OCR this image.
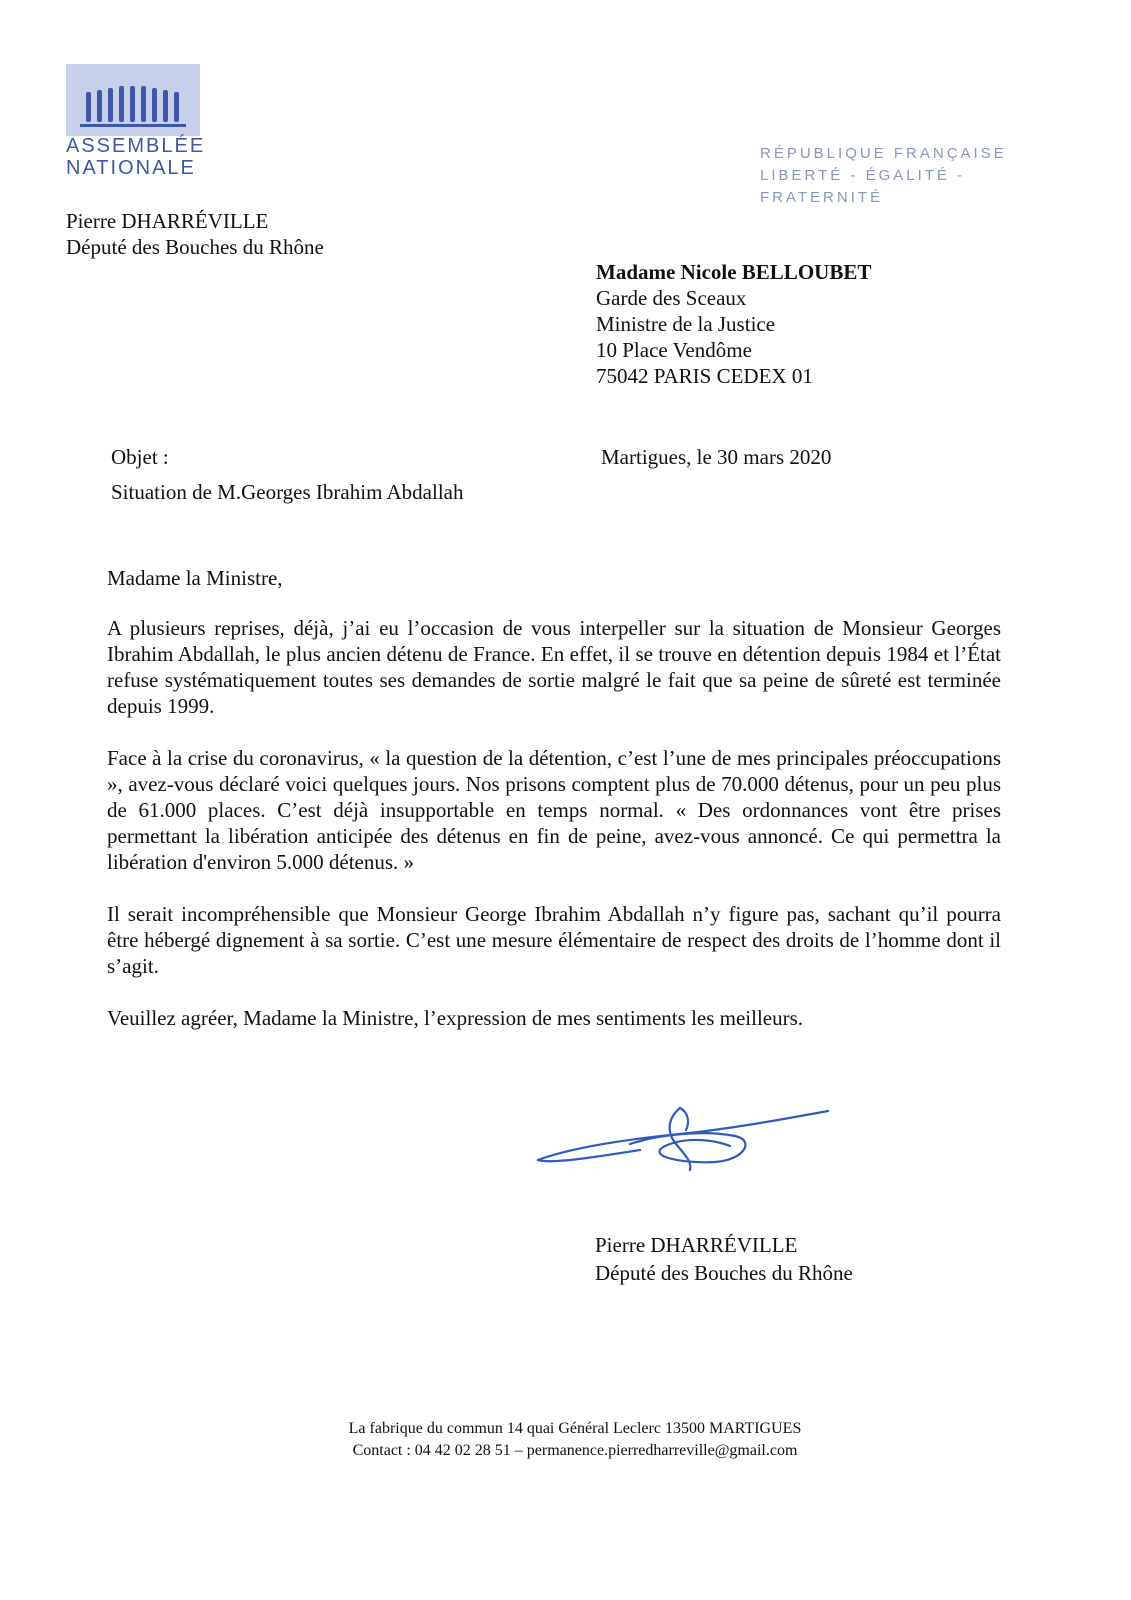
ASSEMBLÉE
NATIONALE
RÉPUBLIQUE FRANÇAISE
LIBERTÉ - ÉGALITÉ - FRATERNITÉ
Pierre DHARRÉVILLE
Député des Bouches du Rhône
Madame Nicole BELLOUBET
Garde des Sceaux
Ministre de la Justice
10 Place Vendôme
75042 PARIS CEDEX 01
Objet :
Situation de M.Georges Ibrahim Abdallah
Martigues, le 30 mars 2020
Madame la Ministre,

A plusieurs reprises, déjà, j’ai eu l’occasion de vous interpeller sur la situation de Monsieur Georges Ibrahim Abdallah, le plus ancien détenu de France. En effet, il se trouve en détention depuis 1984 et l’État refuse systématiquement toutes ses demandes de sortie malgré le fait que sa peine de sûreté est terminée depuis 1999.

Face à la crise du coronavirus, « la question de la détention, c’est l’une de mes principales préoccupations », avez-vous déclaré voici quelques jours. Nos prisons comptent plus de 70.000 détenus, pour un peu plus de 61.000 places. C’est déjà insupportable en temps normal. « Des ordonnances vont être prises permettant la libération anticipée des détenus en fin de peine, avez-vous annoncé. Ce qui permettra la libération d'environ 5.000 détenus. »

Il serait incompréhensible que Monsieur George Ibrahim Abdallah n’y figure pas, sachant qu’il pourra être hébergé dignement à sa sortie. C’est une mesure élémentaire de respect des droits de l’homme dont il s’agit.

Veuillez agréer, Madame la Ministre, l’expression de mes sentiments les meilleurs.

Pierre DHARRÉVILLE
Député des Bouches du Rhône
La fabrique du commun 14 quai Général Leclerc 13500 MARTIGUES
Contact : 04 42 02 28 51 – permanence.pierredharreville@gmail.com
